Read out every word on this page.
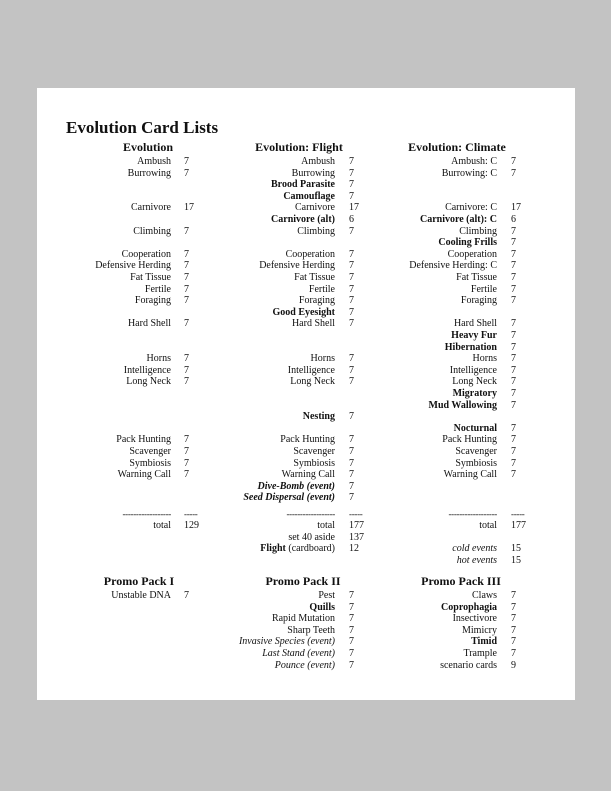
Evolution Card Lists
Evolution
Ambush 7
Burrowing 7
Carnivore 17
Climbing 7
Cooperation 7
Defensive Herding 7
Fat Tissue 7
Fertile 7
Foraging 7
Hard Shell 7
Horns 7
Intelligence 7
Long Neck 7
Pack Hunting 7
Scavenger 7
Symbiosis 7
Warning Call 7
------------------ -----
total 129
Evolution: Flight
Ambush 7
Burrowing 7
Brood Parasite 7
Camouflage 7
Carnivore 17
Carnivore (alt) 6
Climbing 7
Cooperation 7
Defensive Herding 7
Fat Tissue 7
Fertile 7
Foraging 7
Good Eyesight 7
Hard Shell 7
Horns 7
Intelligence 7
Long Neck 7
Nesting 7
Pack Hunting 7
Scavenger 7
Symbiosis 7
Warning Call 7
Dive-Bomb (event) 7
Seed Dispersal (event) 7
------------------ -----
total 177
set 40 aside 137
Flight (cardboard) 12
Evolution: Climate
Ambush: C 7
Burrowing: C 7
Carnivore: C 17
Carnivore (alt): C 6
Climbing 7
Cooling Frills 7
Cooperation 7
Defensive Herding: C 7
Fat Tissue 7
Fertile 7
Foraging 7
Hard Shell 7
Heavy Fur 7
Hibernation 7
Horns 7
Intelligence 7
Long Neck 7
Migratory 7
Mud Wallowing 7
Nocturnal 7
Pack Hunting 7
Scavenger 7
Symbiosis 7
Warning Call 7
------------------ -----
total 177
cold events 15
hot events 15
Promo Pack I
Unstable DNA 7
Promo Pack II
Pest 7
Quills 7
Rapid Mutation 7
Sharp Teeth 7
Invasive Species (event) 7
Last Stand (event) 7
Pounce (event) 7
Promo Pack III
Claws 7
Coprophagia 7
Insectivore 7
Mimicry 7
Timid 7
Trample 7
scenario cards 9
